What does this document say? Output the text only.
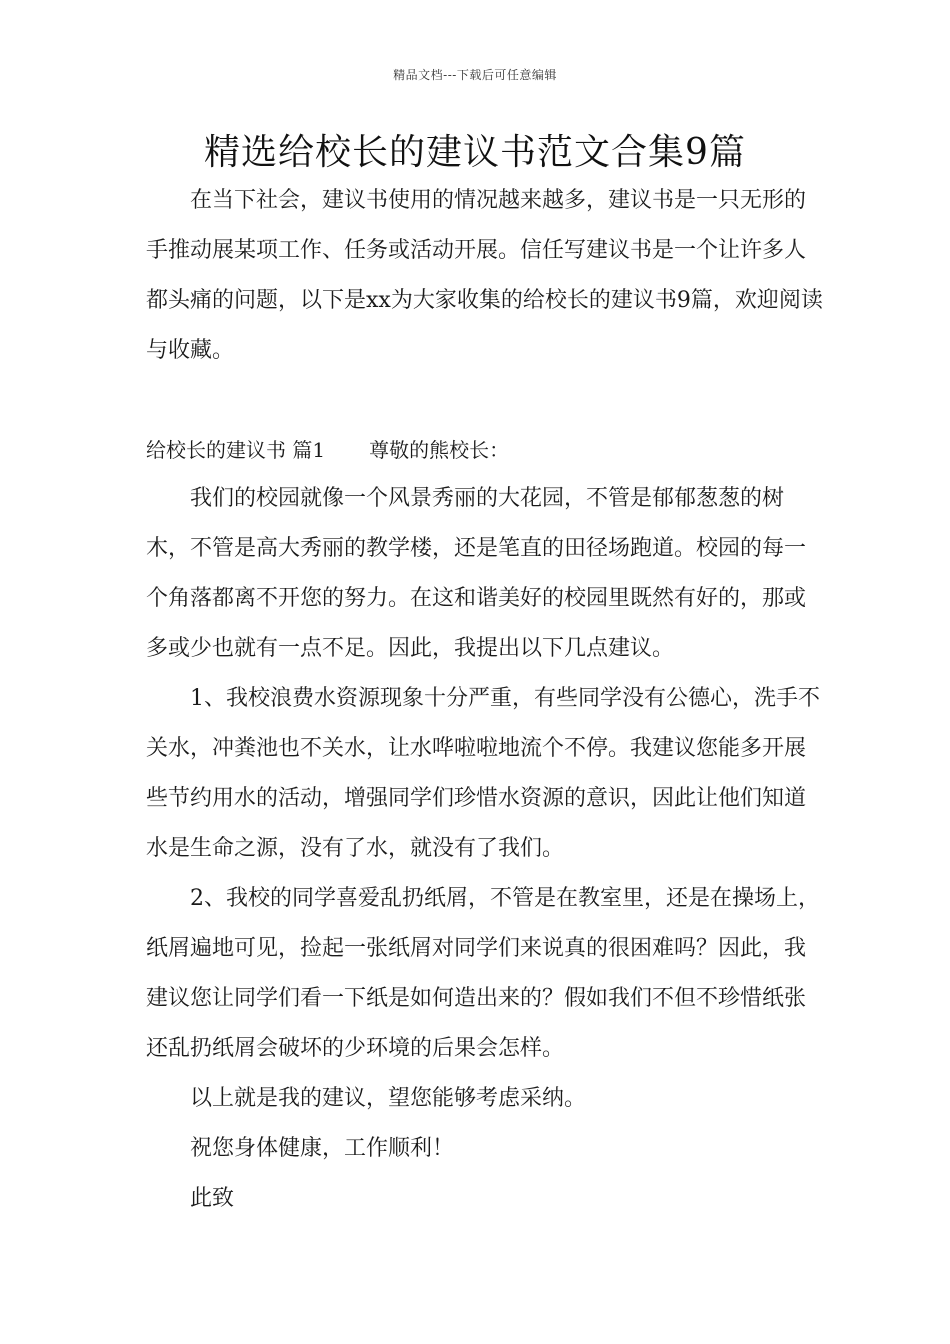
精品文档---下载后可任意编辑
精选给校长的建议书范文合集9篇

在当下社会，建议书使用的情况越来越多，建议书是一只无形的手推动展某项工作、任务或活动开展。信任写建议书是一个让许多人都头痛的问题，以下是xx为大家收集的给校长的建议书9篇，欢迎阅读与收藏。

给校长的建议书 篇1 尊敬的熊校长：

我们的校园就像一个风景秀丽的大花园，不管是郁郁葱葱的树木，不管是高大秀丽的教学楼，还是笔直的田径场跑道。校园的每一个角落都离不开您的努力。在这和谐美好的校园里既然有好的，那或多或少也就有一点不足。因此，我提出以下几点建议。

1、我校浪费水资源现象十分严重，有些同学没有公德心，洗手不关水，冲粪池也不关水，让水哗啦啦地流个不停。我建议您能多开展些节约用水的活动，增强同学们珍惜水资源的意识，因此让他们知道水是生命之源，没有了水，就没有了我们。

2、我校的同学喜爱乱扔纸屑，不管是在教室里，还是在操场上，纸屑遍地可见，捡起一张纸屑对同学们来说真的很困难吗？因此，我建议您让同学们看一下纸是如何造出来的？假如我们不但不珍惜纸张还乱扔纸屑会破坏的少环境的后果会怎样。

以上就是我的建议，望您能够考虑采纳。

祝您身体健康，工作顺利！

此致
